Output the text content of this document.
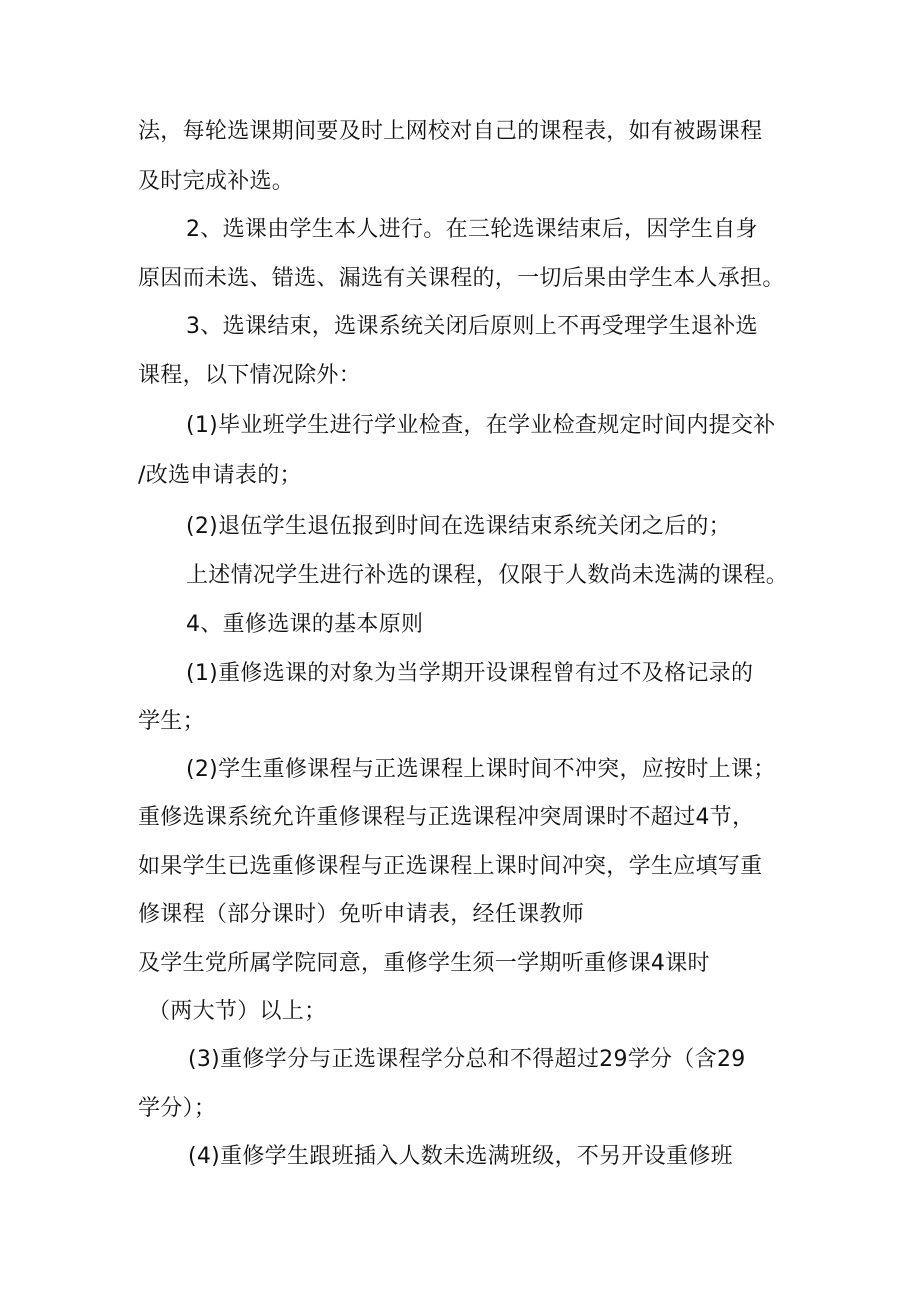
法，每轮选课期间要及时上网校对自己的课程表，如有被踢课程

及时完成补选。

2、选课由学生本人进行。在三轮选课结束后，因学生自身

原因而未选、错选、漏选有关课程的，一切后果由学生本人承担。

3、选课结束，选课系统关闭后原则上不再受理学生退补选

课程，以下情况除外：

(1)毕业班学生进行学业检查，在学业检查规定时间内提交补

/改选申请表的；

(2)退伍学生退伍报到时间在选课结束系统关闭之后的；

上述情况学生进行补选的课程，仅限于人数尚未选满的课程。

4、重修选课的基本原则

(1)重修选课的对象为当学期开设课程曾有过不及格记录的

学生；

(2)学生重修课程与正选课程上课时间不冲突，应按时上课；

重修选课系统允许重修课程与正选课程冲突周课时不超过4节，

如果学生已选重修课程与正选课程上课时间冲突，学生应填写重

修课程（部分课时）免听申请表，经任课教师

及学生党所属学院同意，重修学生须一学期听重修课4课时

（两大节）以上；

(3)重修学分与正选课程学分总和不得超过29学分（含29

学分）；

(4)重修学生跟班插入人数未选满班级，不另开设重修班
